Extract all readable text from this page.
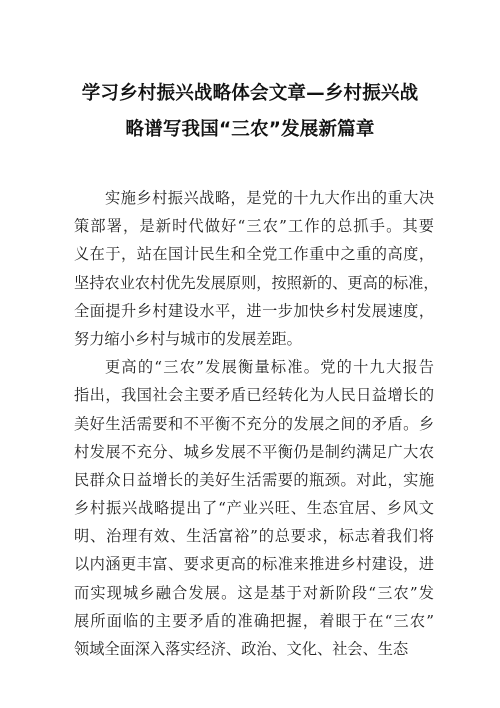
学习乡村振兴战略体会文章—乡村振兴战
略谱写我国“三农”发展新篇章
实施乡村振兴战略，是党的十九大作出的重大决
策部署，是新时代做好“三农”工作的总抓手。其要
义在于，站在国计民生和全党工作重中之重的高度，
坚持农业农村优先发展原则，按照新的、更高的标准，
全面提升乡村建设水平，进一步加快乡村发展速度，
努力缩小乡村与城市的发展差距。
更高的“三农”发展衡量标准。党的十九大报告
指出，我国社会主要矛盾已经转化为人民日益增长的
美好生活需要和不平衡不充分的发展之间的矛盾。乡
村发展不充分、城乡发展不平衡仍是制约满足广大农
民群众日益增长的美好生活需要的瓶颈。对此，实施
乡村振兴战略提出了“产业兴旺、生态宜居、乡风文
明、治理有效、生活富裕”的总要求，标志着我们将
以内涵更丰富、要求更高的标准来推进乡村建设，进
而实现城乡融合发展。这是基于对新阶段“三农”发
展所面临的主要矛盾的准确把握，着眼于在“三农”
领域全面深入落实经济、政治、文化、社会、生态
